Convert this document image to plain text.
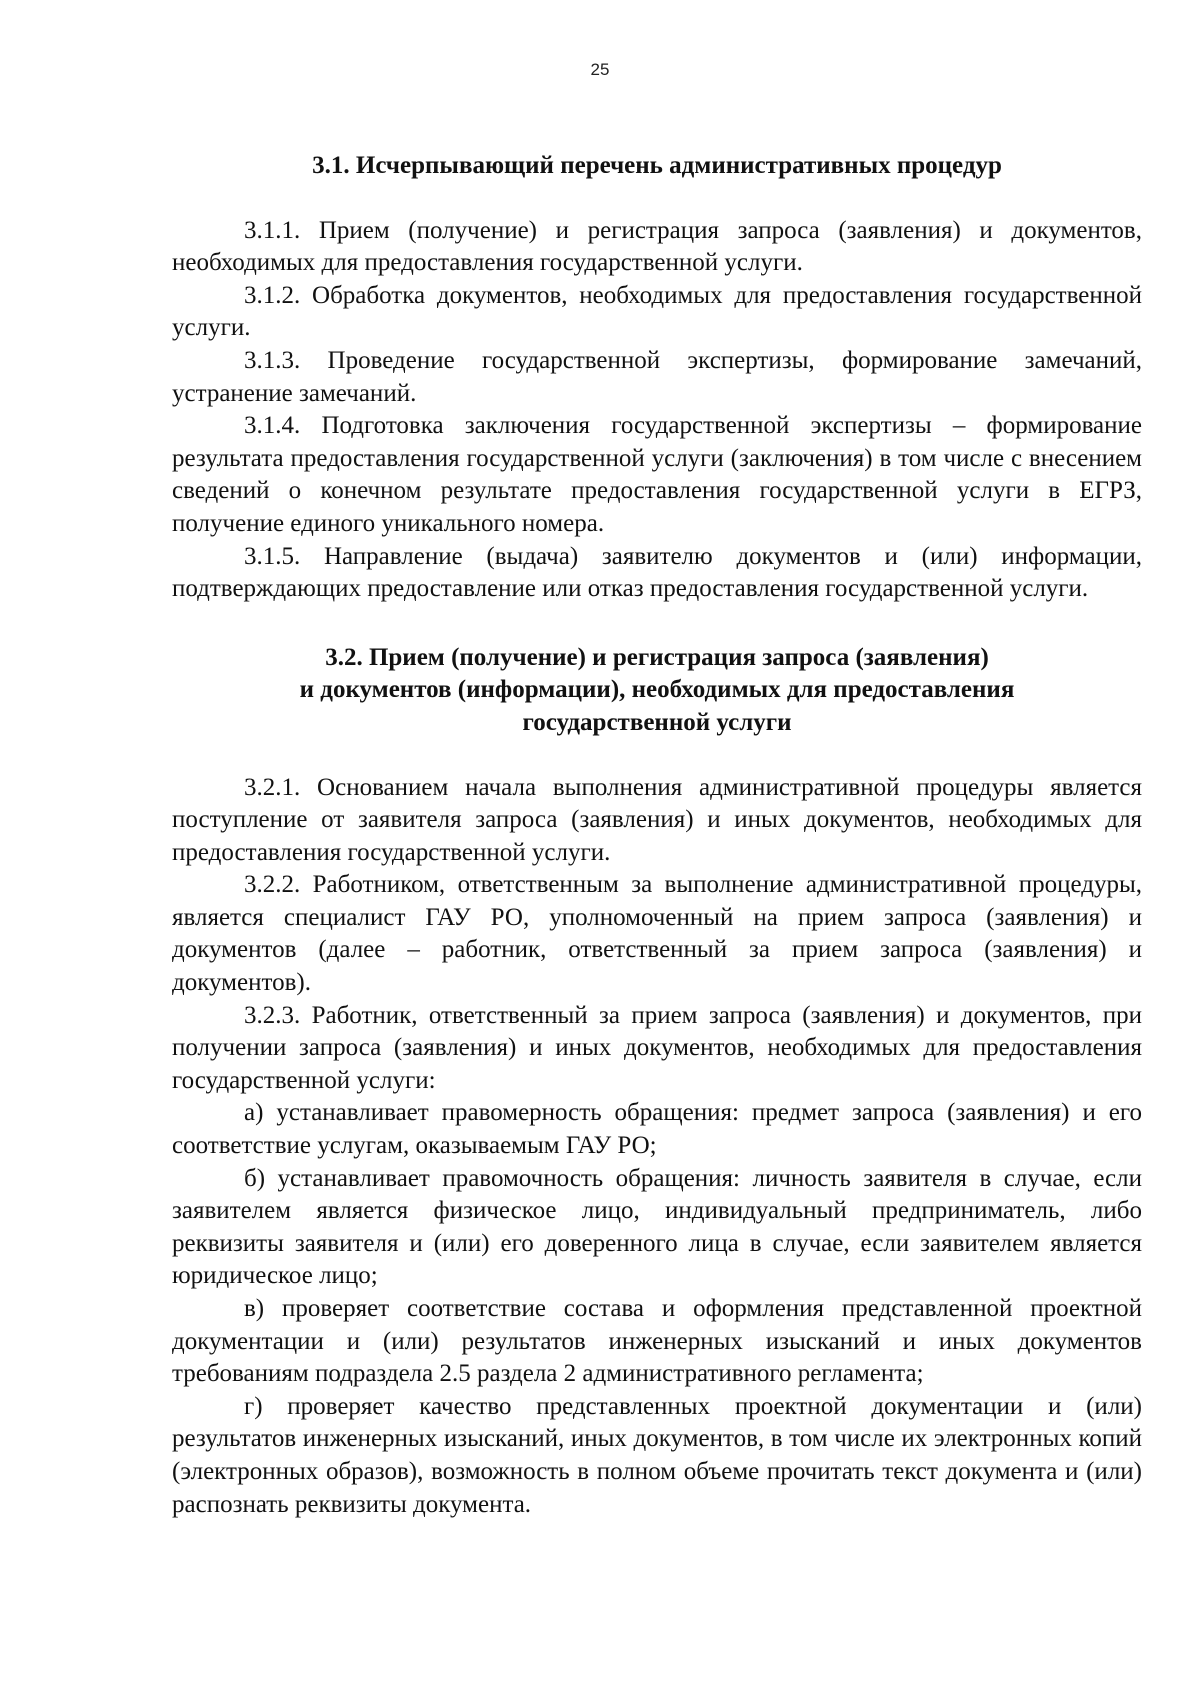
25
3.1. Исчерпывающий перечень административных процедур

3.1.1. Прием (получение) и регистрация запроса (заявления) и документов, необходимых для предоставления государственной услуги.

3.1.2. Обработка документов, необходимых для предоставления государственной услуги.

3.1.3. Проведение государственной экспертизы, формирование замечаний, устранение замечаний.

3.1.4. Подготовка заключения государственной экспертизы – формирование результата предоставления государственной услуги (заключения) в том числе с внесением сведений о конечном результате предоставления государственной услуги в ЕГРЗ, получение единого уникального номера.

3.1.5. Направление (выдача) заявителю документов и (или) информации, подтверждающих предоставление или отказ предоставления государственной услуги.

3.2. Прием (получение) и регистрация запроса (заявления)
и документов (информации), необходимых для предоставления
государственной услуги

3.2.1. Основанием начала выполнения административной процедуры является поступление от заявителя запроса (заявления) и иных документов, необходимых для предоставления государственной услуги.

3.2.2. Работником, ответственным за выполнение административной процедуры, является специалист ГАУ РО, уполномоченный на прием запроса (заявления) и документов (далее – работник, ответственный за прием запроса (заявления) и документов).

3.2.3. Работник, ответственный за прием запроса (заявления) и документов, при получении запроса (заявления) и иных документов, необходимых для предоставления государственной услуги:

а) устанавливает правомерность обращения: предмет запроса (заявления) и его соответствие услугам, оказываемым ГАУ РО;

б) устанавливает правомочность обращения: личность заявителя в случае, если заявителем является физическое лицо, индивидуальный предприниматель, либо реквизиты заявителя и (или) его доверенного лица в случае, если заявителем является юридическое лицо;

в) проверяет соответствие состава и оформления представленной проектной документации и (или) результатов инженерных изысканий и иных документов требованиям подраздела 2.5 раздела 2 административного регламента;

г) проверяет качество представленных проектной документации и (или) результатов инженерных изысканий, иных документов, в том числе их электронных копий (электронных образов), возможность в полном объеме прочитать текст документа и (или) распознать реквизиты документа.
